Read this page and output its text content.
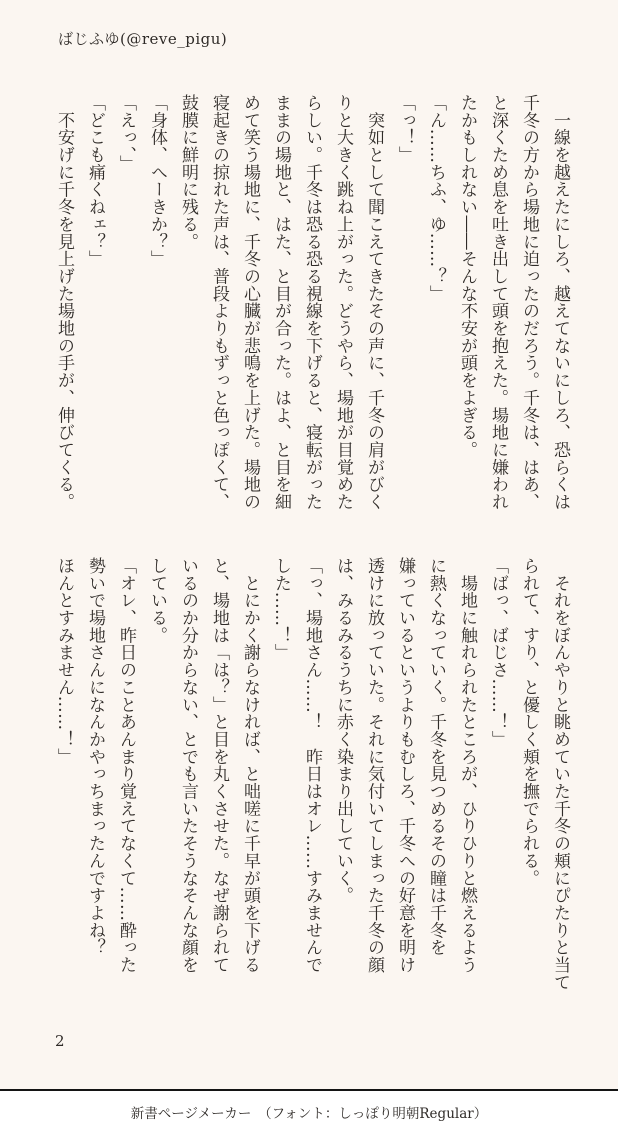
ばじふゆ(@reve_pigu)
　一線を越えたにしろ、越えてないにしろ、恐らくは
千冬の方から場地に迫ったのだろう。千冬は、はあ、
と深くため息を吐き出して頭を抱えた。場地に嫌われ
たかもしれない――そんな不安が頭をよぎる。
「ん……ちふ、ゆ……？」
「っ！」
　突如として聞こえてきたその声に、千冬の肩がびく
りと大きく跳ね上がった。どうやら、場地が目覚めた
らしい。千冬は恐る恐る視線を下げると、寝転がった
ままの場地と、はた、と目が合った。はよ、と目を細
めて笑う場地に、千冬の心臓が悲鳴を上げた。場地の
寝起きの掠れた声は、普段よりもずっと色っぽくて、
鼓膜に鮮明に残る。
「身体、へーきか？」
「えっ、」
「どこも痛くねェ？」
　不安げに千冬を見上げた場地の手が、伸びてくる。
　それをぼんやりと眺めていた千冬の頬にぴたりと当て
られて、すり、と優しく頬を撫でられる。
「ばっ、ばじさ……！」
　場地に触れられたところが、ひりひりと燃えるよう
に熱くなっていく。千冬を見つめるその瞳は千冬を
嫌っているというよりもむしろ、千冬への好意を明け
透けに放っていた。それに気付いてしまった千冬の顔
は、みるみるうちに赤く染まり出していく。
「っ、場地さん……！　昨日はオレ……すみませんで
した……！」
　とにかく謝らなければ、と咄嗟に千早が頭を下げる
と、場地は「は？」と目を丸くさせた。なぜ謝られて
いるのか分からない、とでも言いたそうなそんな顔を
している。
「オレ、昨日のことあんまり覚えてなくて……酔った
勢いで場地さんになんかやっちまったんですよね？
ほんとすみません……！」
2
新書ページメーカー　（フォント：しっぽり明朝Regular）
